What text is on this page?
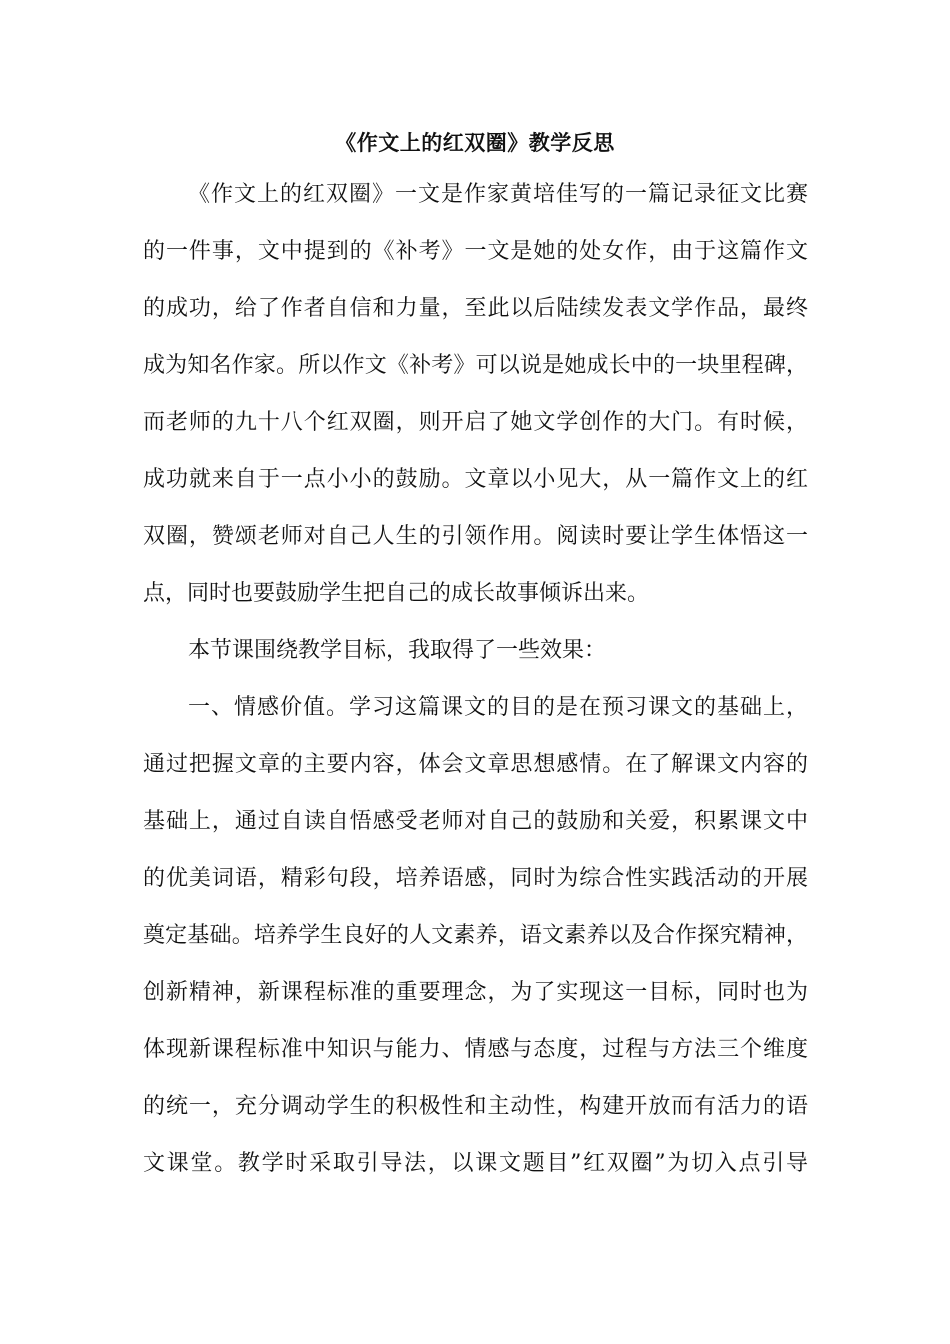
《作文上的红双圈》教学反思
《作文上的红双圈》一文是作家黄培佳写的一篇记录征文比赛
的一件事，文中提到的《补考》一文是她的处女作，由于这篇作文
的成功，给了作者自信和力量，至此以后陆续发表文学作品，最终
成为知名作家。所以作文《补考》可以说是她成长中的一块里程碑，
而老师的九十八个红双圈，则开启了她文学创作的大门。有时候，
成功就来自于一点小小的鼓励。文章以小见大，从一篇作文上的红
双圈，赞颂老师对自己人生的引领作用。阅读时要让学生体悟这一
点，同时也要鼓励学生把自己的成长故事倾诉出来。
本节课围绕教学目标，我取得了一些效果：
一、情感价值。学习这篇课文的目的是在预习课文的基础上，
通过把握文章的主要内容，体会文章思想感情。在了解课文内容的
基础上，通过自读自悟感受老师对自己的鼓励和关爱，积累课文中
的优美词语，精彩句段，培养语感，同时为综合性实践活动的开展
奠定基础。培养学生良好的人文素养，语文素养以及合作探究精神，
创新精神，新课程标准的重要理念，为了实现这一目标，同时也为
体现新课程标准中知识与能力、情感与态度，过程与方法三个维度
的统一，充分调动学生的积极性和主动性，构建开放而有活力的语
文课堂。教学时采取引导法，以课文题目”红双圈”为切入点引导
